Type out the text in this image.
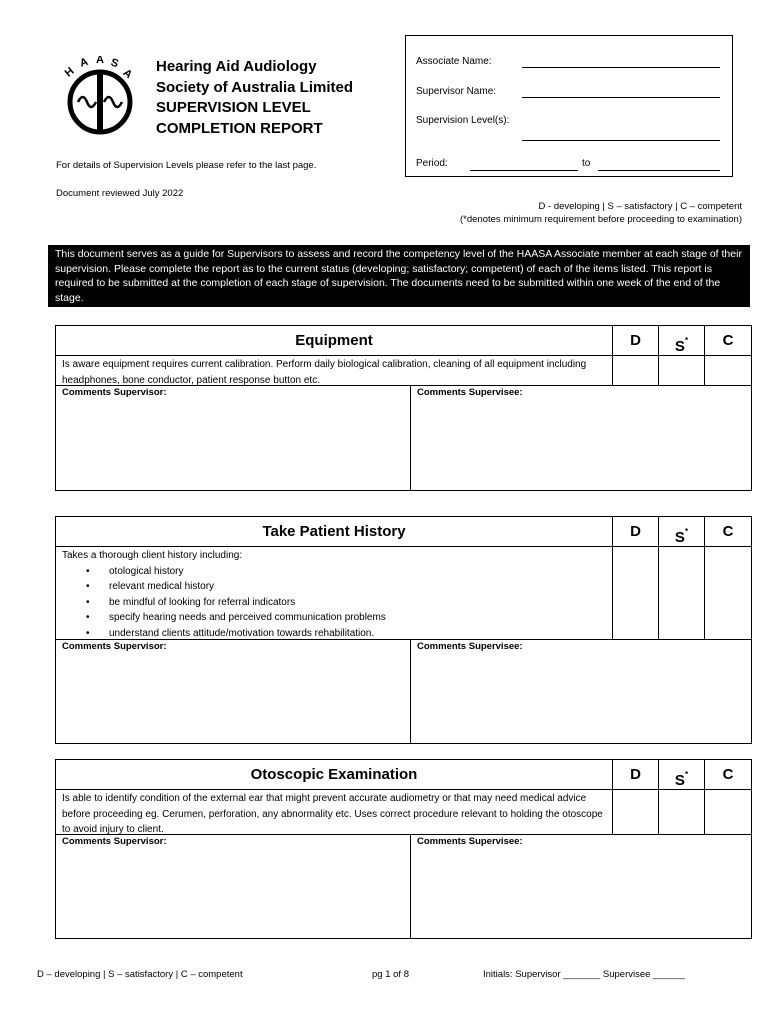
H
A A S
A Hearing Aid Audiology
Society of Australia Limited
SUPERVISION LEVEL
COMPLETION REPORT
For details of Supervision Levels please refer to the last page.
Document reviewed July 2022
Associate Name:
Supervisor Name:
Supervision Level(s):
Period:	to
D - developing | S – satisfactory | C – competent
(*denotes minimum requirement before proceeding to examination)
This document serves as a guide for Supervisors to assess and record the competency level of the HAASA Associate member at each stage of their supervision. Please complete the report as to the current status (developing; satisfactory; competent) of each of the items listed. This report is required to be submitted at the completion of each stage of supervision. The documents need to be submitted within one week of the end of the stage.
Equipment	D	S*	C
Is aware equipment requires current calibration. Perform daily biological calibration, cleaning of all equipment including headphones, bone conductor, patient response button etc.
Comments Supervisor:	Comments Supervisee:
Take Patient History	D	S*	C
Takes a thorough client history including:
• otological history
• relevant medical history
• be mindful of looking for referral indicators
• specify hearing needs and perceived communication problems
• understand clients attitude/motivation towards rehabilitation.
Comments Supervisor:	Comments Supervisee:
Otoscopic Examination	D	S*	C
Is able to identify condition of the external ear that might prevent accurate audiometry or that may need medical advice before proceeding eg. Cerumen, perforation, any abnormality etc. Uses correct procedure relevant to holding the otoscope to avoid injury to client.
Comments Supervisor:	Comments Supervisee:
D – developing | S – satisfactory | C – competent	pg 1 of 8	Initials: Supervisor _______ Supervisee ______
